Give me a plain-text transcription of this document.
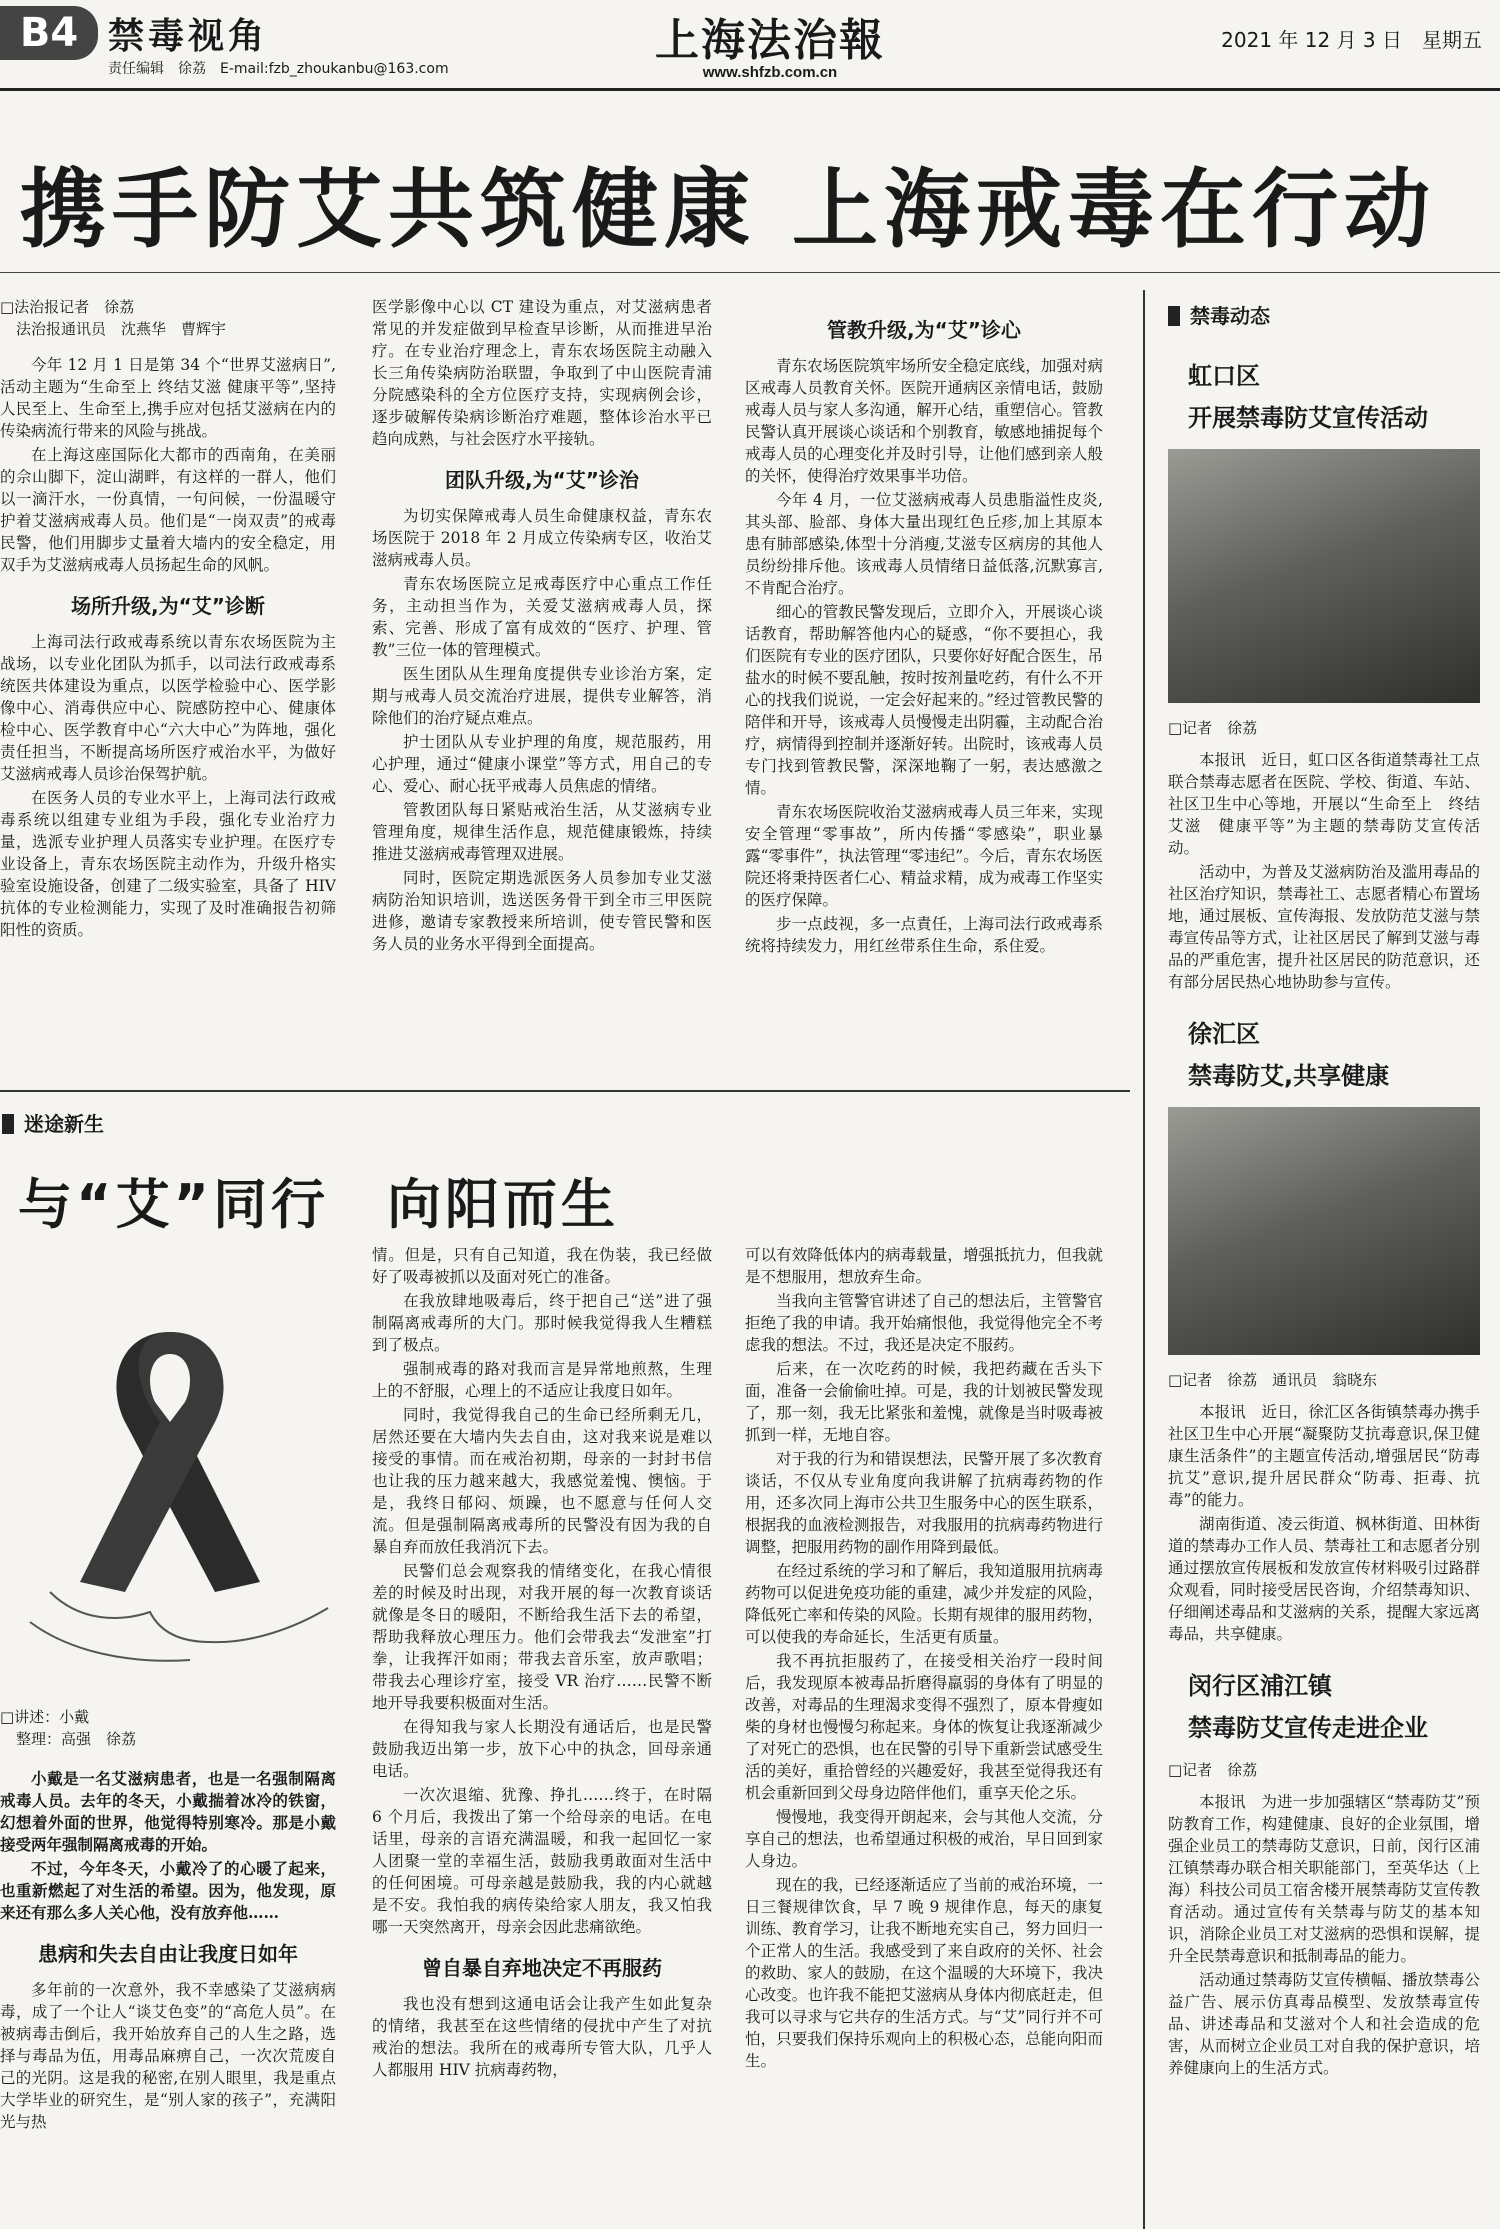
B4 禁毒视角
责任编辑　徐荔　E-mail:fzb_zhoukanbu@163.com
上海法治報
www.shfzb.com.cn
2021 年 12 月 3 日　星期五
携手防艾共筑健康 上海戒毒在行动
□法治报记者　徐荔
法治报通讯员　沈燕华　曹辉宇

今年 12 月 1 日是第 34 个“世界艾滋病日”,活动主题为“生命至上 终结艾滋 健康平等”,坚持人民至上、生命至上,携手应对包括艾滋病在内的传染病流行带来的风险与挑战。

在上海这座国际化大都市的西南角，在美丽的佘山脚下，淀山湖畔，有这样的一群人，他们以一滴汗水，一份真情，一句问候，一份温暖守护着艾滋病戒毒人员。他们是“一岗双责”的戒毒民警，他们用脚步丈量着大墙内的安全稳定，用双手为艾滋病戒毒人员扬起生命的风帆。

场所升级,为“艾”诊断

上海司法行政戒毒系统以青东农场医院为主战场，以专业化团队为抓手，以司法行政戒毒系统医共体建设为重点，以医学检验中心、医学影像中心、消毒供应中心、院感防控中心、健康体检中心、医学教育中心“六大中心”为阵地，强化责任担当，不断提高场所医疗戒治水平，为做好艾滋病戒毒人员诊治保驾护航。

在医务人员的专业水平上，上海司法行政戒毒系统以组建专业组为手段，强化专业治疗力量，选派专业护理人员落实专业护理。在医疗专业设备上，青东农场医院主动作为，升级升格实验室设施设备，创建了二级实验室，具备了 HIV 抗体的专业检测能力，实现了及时准确报告初筛阳性的资质。

医学影像中心以 CT 建设为重点，对艾滋病患者常见的并发症做到早检查早诊断，从而推进早治疗。在专业治疗理念上，青东农场医院主动融入长三角传染病防治联盟，争取到了中山医院青浦分院感染科的全方位医疗支持，实现病例会诊，逐步破解传染病诊断治疗难题，整体诊治水平已趋向成熟，与社会医疗水平接轨。

团队升级,为“艾”诊治

为切实保障戒毒人员生命健康权益，青东农场医院于 2018 年 2 月成立传染病专区，收治艾滋病戒毒人员。

青东农场医院立足戒毒医疗中心重点工作任务，主动担当作为，关爱艾滋病戒毒人员，探索、完善、形成了富有成效的“医疗、护理、管教”三位一体的管理模式。

医生团队从生理角度提供专业诊治方案，定期与戒毒人员交流治疗进展，提供专业解答，消除他们的治疗疑点难点。

护士团队从专业护理的角度，规范服药，用心护理，通过“健康小课堂”等方式，用自己的专心、爱心、耐心抚平戒毒人员焦虑的情绪。

管教团队每日紧贴戒治生活，从艾滋病专业管理角度，规律生活作息，规范健康锻炼，持续推进艾滋病戒毒管理双进展。

同时，医院定期选派医务人员参加专业艾滋病防治知识培训，选送医务骨干到全市三甲医院进修，邀请专家教授来所培训，使专管民警和医务人员的业务水平得到全面提高。

管教升级,为“艾”诊心

青东农场医院筑牢场所安全稳定底线，加强对病区戒毒人员教育关怀。医院开通病区亲情电话，鼓励戒毒人员与家人多沟通，解开心结，重塑信心。管教民警认真开展谈心谈话和个别教育，敏感地捕捉每个戒毒人员的心理变化并及时引导，让他们感到亲人般的关怀，使得治疗效果事半功倍。

今年 4 月，一位艾滋病戒毒人员患脂溢性皮炎,其头部、脸部、身体大量出现红色丘疹,加上其原本患有肺部感染,体型十分消瘦,艾滋专区病房的其他人员纷纷排斥他。该戒毒人员情绪日益低落,沉默寡言,不肯配合治疗。

细心的管教民警发现后，立即介入，开展谈心谈话教育，帮助解答他内心的疑惑，“你不要担心，我们医院有专业的医疗团队，只要你好好配合医生，吊盐水的时候不要乱触，按时按剂量吃药，有什么不开心的找我们说说，一定会好起来的。”经过管教民警的陪伴和开导，该戒毒人员慢慢走出阴霾，主动配合治疗，病情得到控制并逐渐好转。出院时，该戒毒人员专门找到管教民警，深深地鞠了一躬，表达感激之情。

青东农场医院收治艾滋病戒毒人员三年来，实现安全管理“零事故”，所内传播“零感染”，职业暴露“零事件”，执法管理“零违纪”。今后，青东农场医院还将秉持医者仁心、精益求精，成为戒毒工作坚实的医疗保障。

步一点歧视，多一点責任，上海司法行政戒毒系统将持续发力，用红丝带系住生命，系住爱。

禁毒动态
虹口区
开展禁毒防艾宣传活动
□记者　徐荔

本报讯　近日，虹口区各街道禁毒社工点联合禁毒志愿者在医院、学校、街道、车站、社区卫生中心等地，开展以“生命至上　终结艾滋　健康平等”为主题的禁毒防艾宣传活动。

活动中，为普及艾滋病防治及滥用毒品的社区治疗知识，禁毒社工、志愿者精心布置场地，通过展板、宣传海报、发放防范艾滋与禁毒宣传品等方式，让社区居民了解到艾滋与毒品的严重危害，提升社区居民的防范意识，还有部分居民热心地协助参与宣传。

徐汇区
禁毒防艾,共享健康
□记者　徐荔　通讯员　翁晓东

本报讯　近日，徐汇区各街镇禁毒办携手社区卫生中心开展“凝聚防艾抗毒意识,保卫健康生活条件”的主题宣传活动,增强居民“防毒抗艾”意识,提升居民群众“防毒、拒毒、抗毒”的能力。

湖南街道、凌云街道、枫林街道、田林街道的禁毒办工作人员、禁毒社工和志愿者分别通过摆放宣传展板和发放宣传材料吸引过路群众观看，同时接受居民咨询，介绍禁毒知识、仔细阐述毒品和艾滋病的关系，提醒大家远离毒品，共享健康。

闵行区浦江镇
禁毒防艾宣传走进企业
□记者　徐荔

本报讯　为进一步加强辖区“禁毒防艾”预防教育工作，构建健康、良好的企业氛围，增强企业员工的禁毒防艾意识，日前，闵行区浦江镇禁毒办联合相关职能部门，至英华达（上海）科技公司员工宿舍楼开展禁毒防艾宣传教育活动。通过宣传有关禁毒与防艾的基本知识，消除企业员工对艾滋病的恐惧和误解，提升全民禁毒意识和抵制毒品的能力。

活动通过禁毒防艾宣传横幅、播放禁毒公益广告、展示仿真毒品模型、发放禁毒宣传品、讲述毒品和艾滋对个人和社会造成的危害，从而树立企业员工对自我的保护意识，培养健康向上的生活方式。

迷途新生
与“艾”同行　向阳而生
□讲述：小戴
整理：高强　徐荔

小戴是一名艾滋病患者，也是一名强制隔离戒毒人员。去年的冬天，小戴揣着冰冷的铁窗，幻想着外面的世界，他觉得特别寒冷。那是小戴接受两年强制隔离戒毒的开始。

不过，今年冬天，小戴冷了的心暖了起来，也重新燃起了对生活的希望。因为，他发现，原来还有那么多人关心他，没有放弃他……

患病和失去自由让我度日如年

多年前的一次意外，我不幸感染了艾滋病病毒，成了一个让人“谈艾色变”的“高危人员”。在被病毒击倒后，我开始放弃自己的人生之路，选择与毒品为伍，用毒品麻痹自己，一次次荒废自己的光阴。这是我的秘密,在别人眼里，我是重点大学毕业的研究生，是“别人家的孩子”，充满阳光与热

情。但是，只有自己知道，我在伪装，我已经做好了吸毒被抓以及面对死亡的准备。

在我放肆地吸毒后，终于把自己“送”进了强制隔离戒毒所的大门。那时候我觉得我人生糟糕到了极点。

强制戒毒的路对我而言是异常地煎熬，生理上的不舒服，心理上的不适应让我度日如年。

同时，我觉得我自己的生命已经所剩无几，居然还要在大墙内失去自由，这对我来说是难以接受的事情。而在戒治初期，母亲的一封封书信也让我的压力越来越大，我感觉羞愧、懊恼。于是，我终日郁闷、烦躁，也不愿意与任何人交流。但是强制隔离戒毒所的民警没有因为我的自暴自弃而放任我消沉下去。

民警们总会观察我的情绪变化，在我心情很差的时候及时出现，对我开展的每一次教育谈话就像是冬日的暖阳，不断给我生活下去的希望，帮助我释放心理压力。他们会带我去“发泄室”打拳，让我挥汗如雨；带我去音乐室，放声歌唱；带我去心理诊疗室，接受 VR 治疗……民警不断地开导我要积极面对生活。

在得知我与家人长期没有通话后，也是民警鼓励我迈出第一步，放下心中的执念，回母亲通电话。

一次次退缩、犹豫、挣扎……终于，在时隔 6 个月后，我拨出了第一个给母亲的电话。在电话里，母亲的言语充满温暖，和我一起回忆一家人团聚一堂的幸福生活，鼓励我勇敢面对生活中的任何困境。可母亲越是鼓励我，我的内心就越是不安。我怕我的病传染给家人朋友，我又怕我哪一天突然离开，母亲会因此悲痛欲绝。

曾自暴自弃地决定不再服药

我也没有想到这通电话会让我产生如此复杂的情绪，我甚至在这些情绪的侵扰中产生了对抗戒治的想法。我所在的戒毒所专管大队，几乎人人都服用 HIV 抗病毒药物，

可以有效降低体内的病毒载量，增强抵抗力，但我就是不想服用，想放弃生命。

当我向主管警官讲述了自己的想法后，主管警官拒绝了我的申请。我开始痛恨他，我觉得他完全不考虑我的想法。不过，我还是决定不服药。

后来，在一次吃药的时候，我把药藏在舌头下面，准备一会偷偷吐掉。可是，我的计划被民警发现了，那一刻，我无比紧张和羞愧，就像是当时吸毒被抓到一样，无地自容。

对于我的行为和错误想法，民警开展了多次教育谈话，不仅从专业角度向我讲解了抗病毒药物的作用，还多次同上海市公共卫生服务中心的医生联系，根据我的血液检测报告，对我服用的抗病毒药物进行调整，把服用药物的副作用降到最低。

在经过系统的学习和了解后，我知道服用抗病毒药物可以促进免疫功能的重建，减少并发症的风险，降低死亡率和传染的风险。长期有规律的服用药物，可以使我的寿命延长，生活更有质量。

我不再抗拒服药了，在接受相关治疗一段时间后，我发现原本被毒品折磨得羸弱的身体有了明显的改善，对毒品的生理渴求变得不强烈了，原本骨瘦如柴的身材也慢慢匀称起来。身体的恢复让我逐渐减少了对死亡的恐惧，也在民警的引导下重新尝试感受生活的美好，重拾曾经的兴趣爱好，我甚至觉得我还有机会重新回到父母身边陪伴他们，重享天伦之乐。

慢慢地，我变得开朗起来，会与其他人交流，分享自己的想法，也希望通过积极的戒治，早日回到家人身边。

现在的我，已经逐渐适应了当前的戒治环境，一日三餐规律饮食，早 7 晚 9 规律作息，每天的康复训练、教育学习，让我不断地充实自己，努力回归一个正常人的生活。我感受到了来自政府的关怀、社会的救助、家人的鼓励，在这个温暖的大环境下，我决心改变。也许我不能把艾滋病从身体内彻底赶走，但我可以寻求与它共存的生活方式。与“艾”同行并不可怕，只要我们保持乐观向上的积极心态，总能向阳而生。
